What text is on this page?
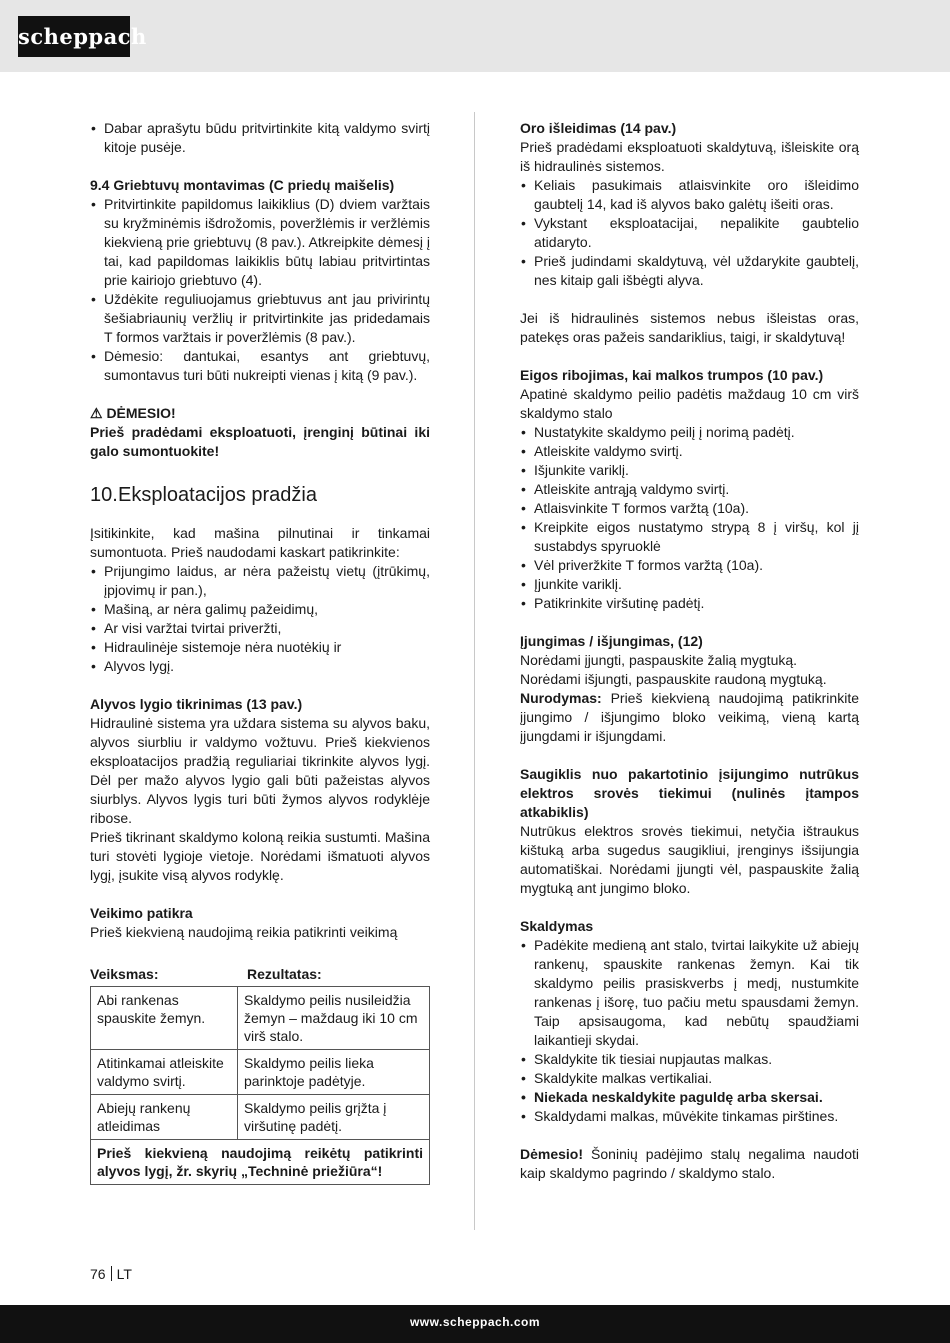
scheppach
• Dabar aprašytu būdu pritvirtinkite kitą valdymo svirtį kitoje pusėje.

9.4 Griebtuvų montavimas (C priedų maišelis)

• Pritvirtinkite papildomus laikiklius (D) dviem varžtais su kryžminėmis išdrožomis, poveržlėmis ir veržlėmis kiekvieną prie griebtuvų (8 pav.). Atkreipkite dėmesį į tai, kad papildomas laikiklis būtų labiau pritvirtintas prie kairiojo griebtuvo (4).
• Uždėkite reguliuojamus griebtuvus ant jau privirintų šešiabriaunių veržlių ir pritvirtinkite jas pridedamais T formos varžtais ir poveržlėmis (8 pav.).
• Dėmesio: dantukai, esantys ant griebtuvų, sumontavus turi būti nukreipti vienas į kitą (9 pav.).

⚠ DĖMESIO!

Prieš pradėdami eksploatuoti, įrenginį būtinai iki galo sumontuokite!

10.Eksploatacijos pradžia

Įsitikinkite, kad mašina pilnutinai ir tinkamai sumontuota. Prieš naudodami kaskart patikrinkite:

• Prijungimo laidus, ar nėra pažeistų vietų (įtrūkimų, įpjovimų ir pan.),
• Mašiną, ar nėra galimų pažeidimų,
• Ar visi varžtai tvirtai priveržti,
• Hidraulinėje sistemoje nėra nuotėkių ir
• Alyvos lygį.

Alyvos lygio tikrinimas (13 pav.)

Hidraulinė sistema yra uždara sistema su alyvos baku, alyvos siurbliu ir valdymo vožtuvu. Prieš kiekvienos eksploatacijos pradžią reguliariai tikrinkite alyvos lygį. Dėl per mažo alyvos lygio gali būti pažeistas alyvos siurblys. Alyvos lygis turi būti žymos alyvos rodyklėje ribose.

Prieš tikrinant skaldymo koloną reikia sustumti. Mašina turi stovėti lygioje vietoje. Norėdami išmatuoti alyvos lygį, įsukite visą alyvos rodyklę.

Veikimo patikra

Prieš kiekvieną naudojimą reikia patikrinti veikimą

Veiksmas:	Rezultatas:
Abi rankenas spauskite žemyn.	Skaldymo peilis nusileidžia žemyn – maždaug iki 10 cm virš stalo.
Atitinkamai atleiskite valdymo svirtį.	Skaldymo peilis lieka parinktoje padėtyje.
Abiejų rankenų atleidimas	Skaldymo peilis grįžta į viršutinę padėtį.
Prieš kiekvieną naudojimą reikėtų patikrinti alyvos lygį, žr. skyrių „Techninė priežiūra“!	

Oro išleidimas (14 pav.)

Prieš pradėdami eksploatuoti skaldytuvą, išleiskite orą iš hidraulinės sistemos.

• Keliais pasukimais atlaisvinkite oro išleidimo gaubtelį 14, kad iš alyvos bako galėtų išeiti oras.
• Vykstant eksploatacijai, nepalikite gaubtelio atidaryto.
• Prieš judindami skaldytuvą, vėl uždarykite gaubtelį, nes kitaip gali išbėgti alyva.

Jei iš hidraulinės sistemos nebus išleistas oras, patekęs oras pažeis sandariklius, taigi, ir skaldytuvą!

Eigos ribojimas, kai malkos trumpos (10 pav.)

Apatinė skaldymo peilio padėtis maždaug 10 cm virš skaldymo stalo

• Nustatykite skaldymo peilį į norimą padėtį.
• Atleiskite valdymo svirtį.
• Išjunkite variklį.
• Atleiskite antrąją valdymo svirtį.
• Atlaisvinkite T formos varžtą (10a).
• Kreipkite eigos nustatymo strypą 8 į viršų, kol jį sustabdys spyruoklė
• Vėl priveržkite T formos varžtą (10a).
• Įjunkite variklį.
• Patikrinkite viršutinę padėtį.

Įjungimas / išjungimas, (12)

Norėdami įjungti, paspauskite žalią mygtuką.

Norėdami išjungti, paspauskite raudoną mygtuką.

Nurodymas: Prieš kiekvieną naudojimą patikrinkite įjungimo / išjungimo bloko veikimą, vieną kartą įjungdami ir išjungdami.

Saugiklis nuo pakartotinio įsijungimo nutrūkus elektros srovės tiekimui (nulinės įtampos atkabiklis)

Nutrūkus elektros srovės tiekimui, netyčia ištraukus kištuką arba sugedus saugikliui, įrenginys išsijungia automatiškai. Norėdami įjungti vėl, paspauskite žalią mygtuką ant jungimo bloko.

Skaldymas

• Padėkite medieną ant stalo, tvirtai laikykite už abiejų rankenų, spauskite rankenas žemyn. Kai tik skaldymo peilis prasiskverbs į medį, nustumkite rankenas į išorę, tuo pačiu metu spausdami žemyn. Taip apsisaugoma, kad nebūtų spaudžiami laikantieji skydai.
• Skaldykite tik tiesiai nupjautas malkas.
• Skaldykite malkas vertikaliai.
• Niekada neskaldykite paguldę arba skersai.
• Skaldydami malkas, mūvėkite tinkamas pirštines.

Dėmesio! Šoninių padėjimo stalų negalima naudoti kaip skaldymo pagrindo / skaldymo stalo.

76 LT
www.scheppach.com
